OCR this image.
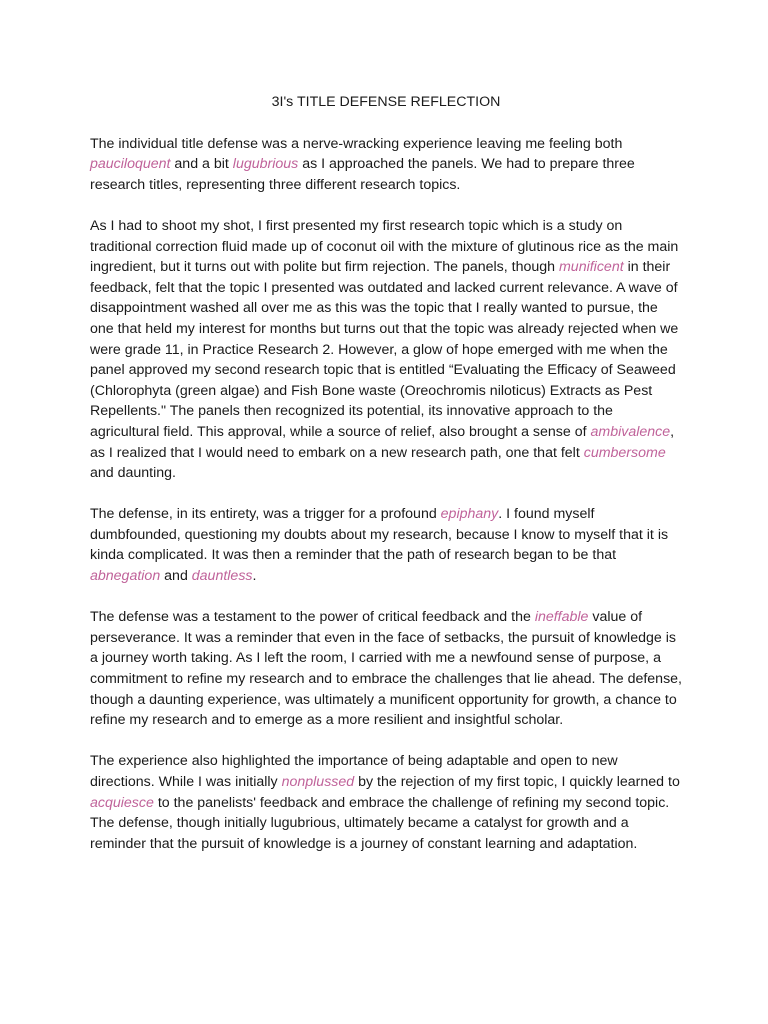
3I's TITLE DEFENSE REFLECTION

The individual title defense was a nerve-wracking experience leaving me feeling both pauciloquent and a bit lugubrious as I approached the panels. We had to prepare three research titles, representing three different research topics.

As I had to shoot my shot, I first presented my first research topic which is a study on traditional correction fluid made up of coconut oil with the mixture of glutinous rice as the main ingredient, but it turns out with polite but firm rejection. The panels, though munificent in their feedback, felt that the topic I presented was outdated and lacked current relevance. A wave of disappointment washed all over me as this was the topic that I really wanted to pursue, the one that held my interest for months but turns out that the topic was already rejected when we were grade 11, in Practice Research 2. However, a glow of hope emerged with me when the panel approved my second research topic that is entitled “Evaluating the Efficacy of Seaweed (Chlorophyta (green algae) and Fish Bone waste (Oreochromis niloticus) Extracts as Pest Repellents." The panels then recognized its potential, its innovative approach to the agricultural field. This approval, while a source of relief, also brought a sense of ambivalence, as I realized that I would need to embark on a new research path, one that felt cumbersome and daunting.

The defense, in its entirety, was a trigger for a profound epiphany. I found myself dumbfounded, questioning my doubts about my research, because I know to myself that it is kinda complicated. It was then a reminder that the path of research began to be that abnegation and dauntless.

The defense was a testament to the power of critical feedback and the ineffable value of perseverance. It was a reminder that even in the face of setbacks, the pursuit of knowledge is a journey worth taking. As I left the room, I carried with me a newfound sense of purpose, a commitment to refine my research and to embrace the challenges that lie ahead. The defense, though a daunting experience, was ultimately a munificent opportunity for growth, a chance to refine my research and to emerge as a more resilient and insightful scholar.

The experience also highlighted the importance of being adaptable and open to new directions. While I was initially nonplussed by the rejection of my first topic, I quickly learned to acquiesce to the panelists' feedback and embrace the challenge of refining my second topic. The defense, though initially lugubrious, ultimately became a catalyst for growth and a reminder that the pursuit of knowledge is a journey of constant learning and adaptation.
